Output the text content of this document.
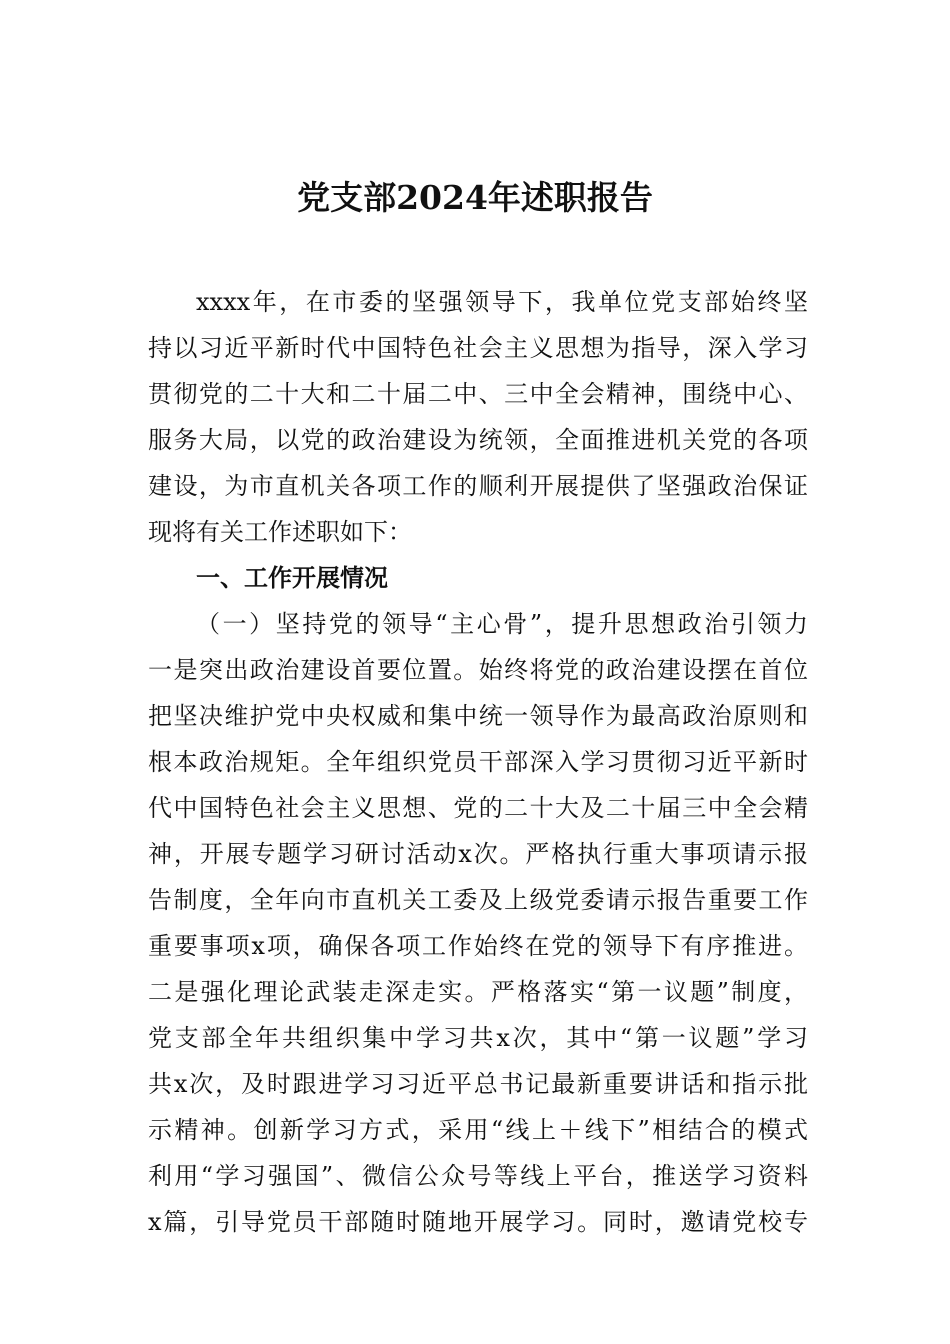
党支部2024年述职报告
xxxx年，在市委的坚强领导下，我单位党支部始终坚
持以习近平新时代中国特色社会主义思想为指导，深入学习
贯彻党的二十大和二十届二中、三中全会精神，围绕中心、
服务大局，以党的政治建设为统领，全面推进机关党的各项
建设，为市直机关各项工作的顺利开展提供了坚强政治保证
现将有关工作述职如下：
一、工作开展情况
（一）坚持党的领导“主心骨”，提升思想政治引领力
一是突出政治建设首要位置。始终将党的政治建设摆在首位
把坚决维护党中央权威和集中统一领导作为最高政治原则和
根本政治规矩。全年组织党员干部深入学习贯彻习近平新时
代中国特色社会主义思想、党的二十大及二十届三中全会精
神，开展专题学习研讨活动x次。严格执行重大事项请示报
告制度，全年向市直机关工委及上级党委请示报告重要工作
重要事项x项，确保各项工作始终在党的领导下有序推进。
二是强化理论武装走深走实。严格落实“第一议题”制度，
党支部全年共组织集中学习共x次，其中“第一议题”学习
共x次，及时跟进学习习近平总书记最新重要讲话和指示批
示精神。创新学习方式，采用“线上＋线下”相结合的模式
利用“学习强国”、微信公众号等线上平台，推送学习资料
x篇，引导党员干部随时随地开展学习。同时，邀请党校专
